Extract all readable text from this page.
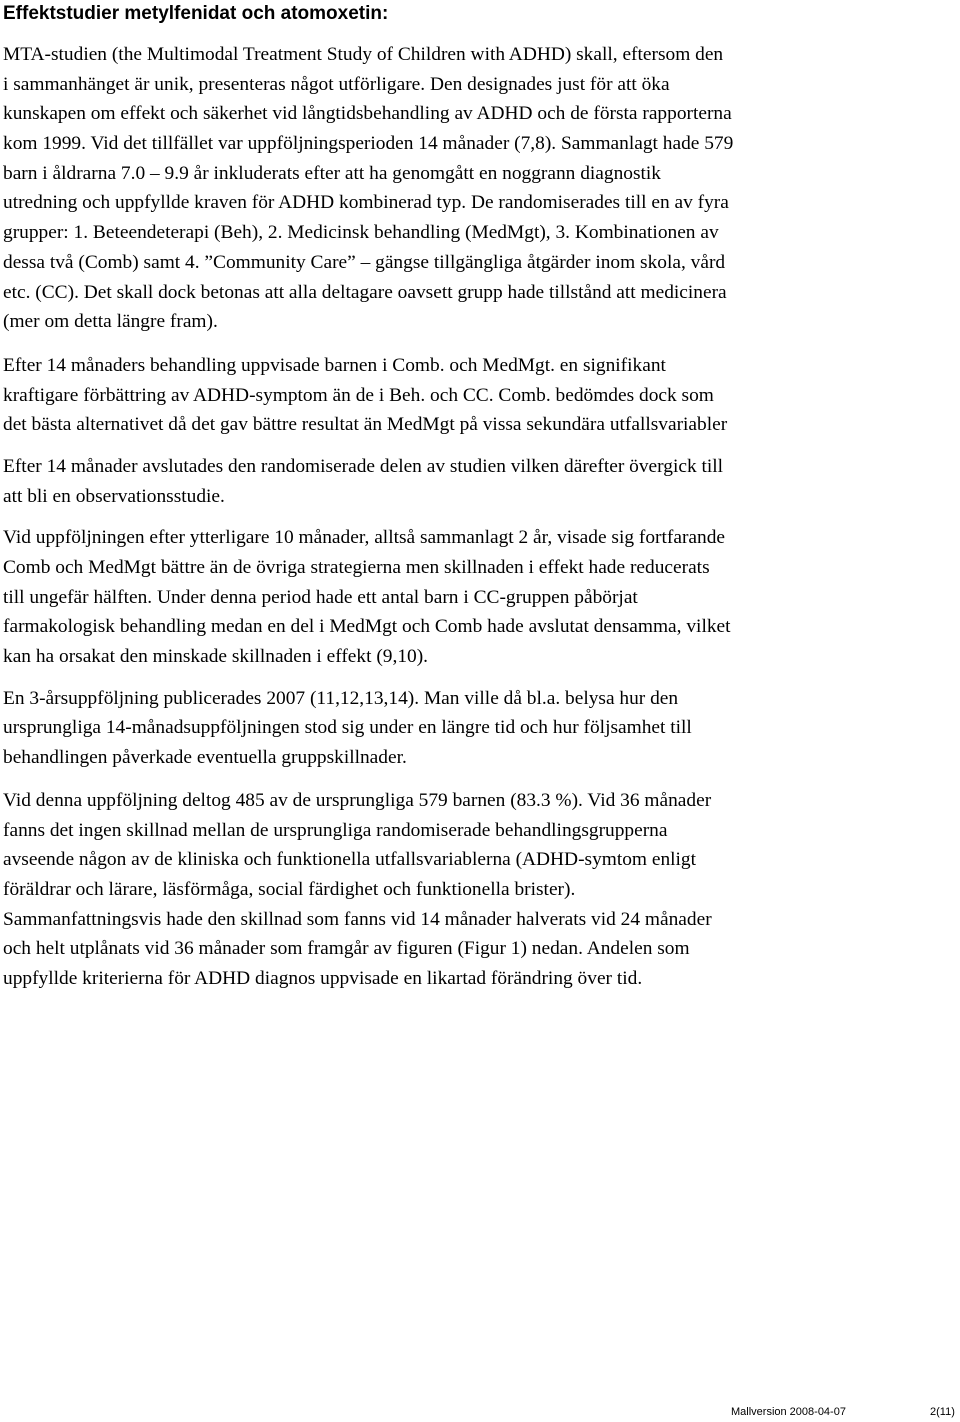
Effektstudier metylfenidat och atomoxetin:
MTA-studien (the Multimodal Treatment Study of Children with ADHD) skall, eftersom den
i sammanhänget är unik, presenteras något utförligare. Den designades just för att öka
kunskapen om effekt och säkerhet vid långtidsbehandling av ADHD och de första rapporterna
kom 1999. Vid det tillfället var uppföljningsperioden 14 månader (7,8). Sammanlagt hade 579
barn i åldrarna 7.0 – 9.9 år inkluderats efter att ha genomgått en noggrann diagnostik
utredning och uppfyllde kraven för ADHD kombinerad typ. De randomiserades till en av fyra
grupper: 1. Beteendeterapi (Beh), 2. Medicinsk behandling (MedMgt), 3. Kombinationen av
dessa två (Comb) samt 4. ”Community Care” – gängse tillgängliga åtgärder inom skola, vård
etc. (CC). Det skall dock betonas att alla deltagare oavsett grupp hade tillstånd att medicinera
(mer om detta längre fram).
Efter 14 månaders behandling uppvisade barnen i Comb. och MedMgt. en signifikant
kraftigare förbättring av ADHD-symptom än de i Beh. och CC. Comb. bedömdes dock som
det bästa alternativet då det gav bättre resultat än MedMgt på vissa sekundära utfallsvariabler
Efter 14 månader avslutades den randomiserade delen av studien vilken därefter övergick till
att bli en observationsstudie.
Vid uppföljningen efter ytterligare 10 månader, alltså sammanlagt 2 år, visade sig fortfarande
Comb och MedMgt bättre än de övriga strategierna men skillnaden i effekt hade reducerats
till ungefär hälften. Under denna period hade ett antal barn i CC-gruppen påbörjat
farmakologisk behandling medan en del i MedMgt och Comb hade avslutat densamma, vilket
kan ha orsakat den minskade skillnaden i effekt (9,10).
En 3-årsuppföljning publicerades 2007 (11,12,13,14). Man ville då bl.a. belysa hur den
ursprungliga 14-månadsuppföljningen stod sig under en längre tid och hur följsamhet till
behandlingen påverkade eventuella gruppskillnader.
Vid denna uppföljning deltog 485 av de ursprungliga 579 barnen (83.3 %). Vid 36 månader
fanns det ingen skillnad mellan de ursprungliga randomiserade behandlingsgrupperna
avseende någon av de kliniska och funktionella utfallsvariablerna (ADHD-symtom enligt
föräldrar och lärare, läsförmåga, social färdighet och funktionella brister).
Sammanfattningsvis hade den skillnad som fanns vid 14 månader halverats vid 24 månader
och helt utplånats vid 36 månader som framgår av figuren (Figur 1) nedan. Andelen som
uppfyllde kriterierna för ADHD diagnos uppvisade en likartad förändring över tid.
Mallversion 2008-04-07	2(11)
